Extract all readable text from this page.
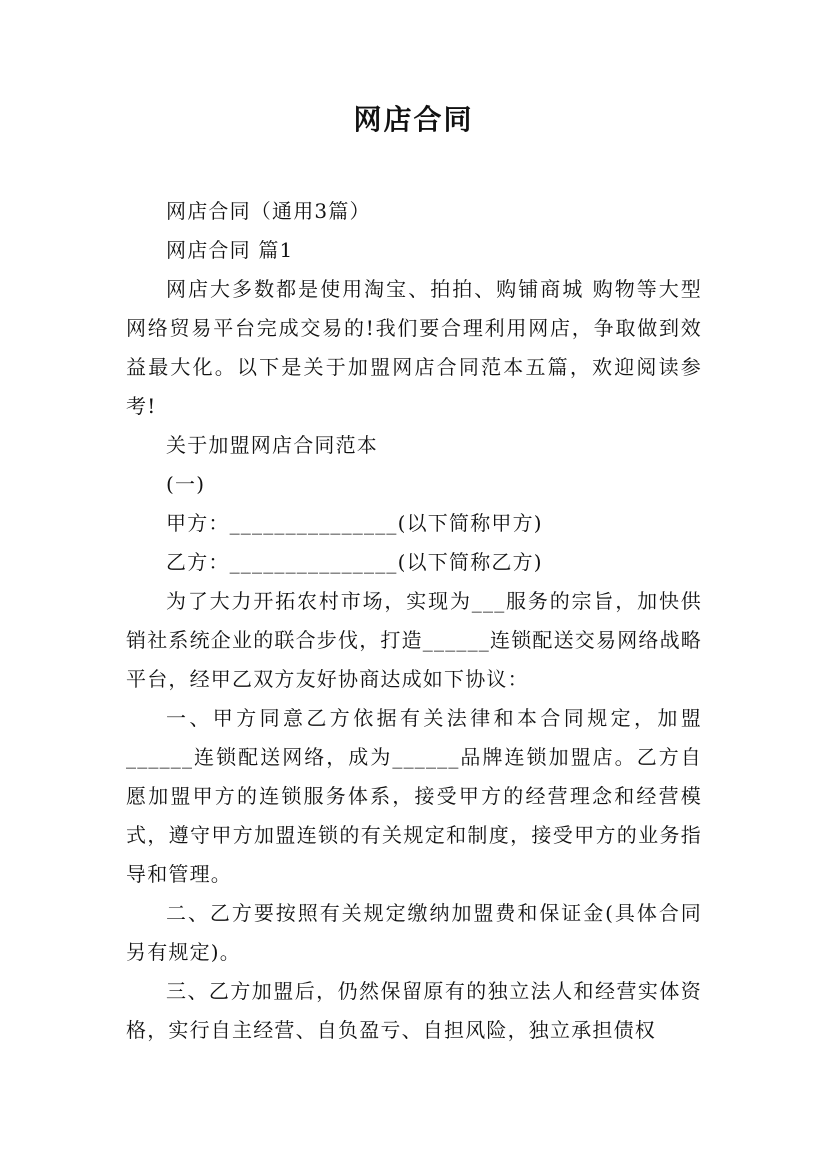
网店合同

网店合同（通用3篇）

网店合同 篇1

网店大多数都是使用淘宝、拍拍、购铺商城 购物等大型网络贸易平台完成交易的!我们要合理利用网店，争取做到效益最大化。以下是关于加盟网店合同范本五篇，欢迎阅读参考!

关于加盟网店合同范本

(一)

甲方：_______________(以下简称甲方)

乙方：_______________(以下简称乙方)

为了大力开拓农村市场，实现为___服务的宗旨，加快供销社系统企业的联合步伐，打造______连锁配送交易网络战略平台，经甲乙双方友好协商达成如下协议：

一、甲方同意乙方依据有关法律和本合同规定，加盟______连锁配送网络，成为______品牌连锁加盟店。乙方自愿加盟甲方的连锁服务体系，接受甲方的经营理念和经营模式，遵守甲方加盟连锁的有关规定和制度，接受甲方的业务指导和管理。

二、乙方要按照有关规定缴纳加盟费和保证金(具体合同另有规定)。

三、乙方加盟后，仍然保留原有的独立法人和经营实体资格，实行自主经营、自负盈亏、自担风险，独立承担债权
